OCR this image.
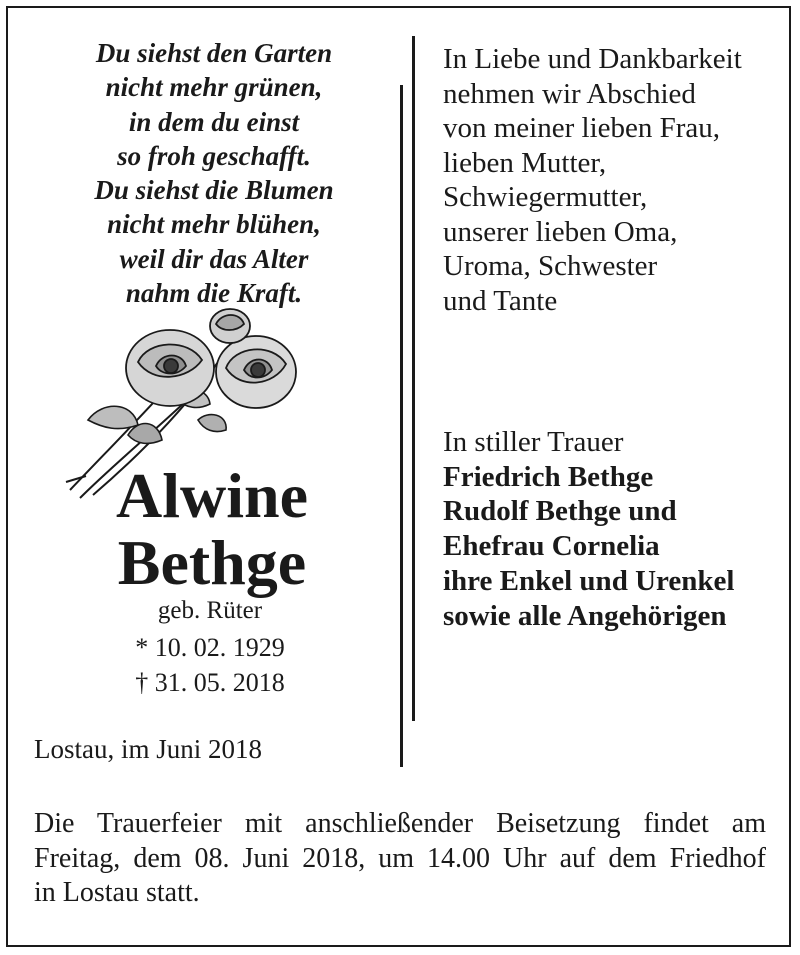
Du siehst den Garten
nicht mehr grünen,
in dem du einst
so froh geschafft.
Du siehst die Blumen
nicht mehr blühen,
weil dir das Alter
nahm die Kraft.
Alwine
Bethge
geb. Rüter
* 10. 02. 1929
† 31. 05. 2018
In Liebe und Dankbarkeit
nehmen wir Abschied
von meiner lieben Frau,
lieben Mutter,
Schwiegermutter,
unserer lieben Oma,
Uroma, Schwester
und Tante
In stiller Trauer
Friedrich Bethge
Rudolf Bethge und
Ehefrau Cornelia
ihre Enkel und Urenkel
sowie alle Angehörigen
Lostau, im Juni 2018
Die Trauerfeier mit anschließender Beisetzung findet am
Freitag, dem 08. Juni 2018, um 14.00 Uhr auf dem Friedhof
in Lostau statt.
